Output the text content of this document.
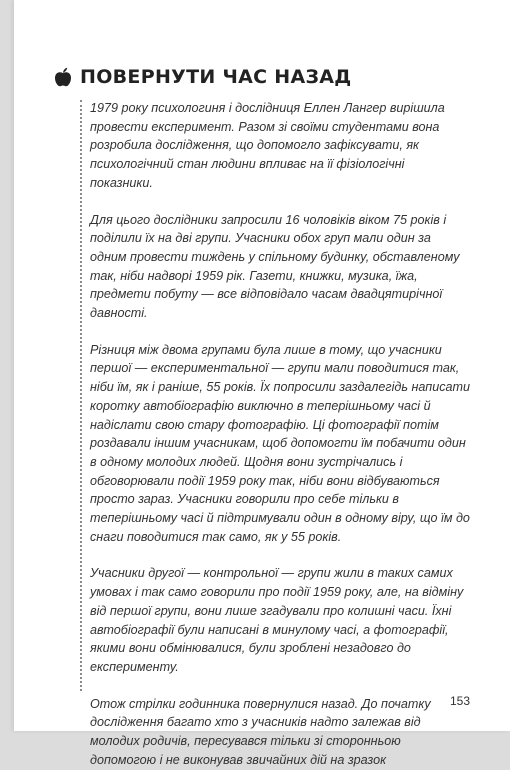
ПОВЕРНУТИ ЧАС НАЗАД

1979 року психологиня і дослідниця Еллен Лангер вирішила провести експеримент. Разом зі своїми студентами вона розробила дослідження, що допомогло зафіксувати, як психологічний стан людини впливає на її фізіологічні показники.

Для цього дослідники запросили 16 чоловіків віком 75 років і поділили їх на дві групи. Учасники обох груп мали один за одним провести тиждень у спільному будинку, обставленому так, ніби надворі 1959 рік. Газети, книжки, музика, їжа, предмети побуту — все відповідало часам двадцятирічної давності.

Різниця між двома групами була лише в тому, що учасники першої — експериментальної — групи мали поводитися так, ніби їм, як і раніше, 55 років. Їх попросили заздалегідь написати коротку автобіографію виключно в теперішньому часі й надіслати свою стару фотографію. Ці фотографії потім роздавали іншим учасникам, щоб допомогти їм побачити один в одному молодих людей. Щодня вони зустрічались і обговорювали події 1959 року так, ніби вони відбуваються просто зараз. Учасники говорили про себе тільки в теперішньому часі й підтримували один в одному віру, що їм до снаги поводитися так само, як у 55 років.

Учасники другої — контрольної — групи жили в таких самих умовах і так само говорили про події 1959 року, але, на відміну від першої групи, вони лише згадували про колишні часи. Їхні автобіографії були написані в минулому часі, а фотографії, якими вони обмінювалися, були зроблені незадовго до експерименту.

Отож стрілки годинника повернулися назад. До початку дослідження багато хто з учасників надто залежав від молодих родичів, пересувався тільки зі сторонньою допомогою і не виконував звичайних дій на зразок

153
